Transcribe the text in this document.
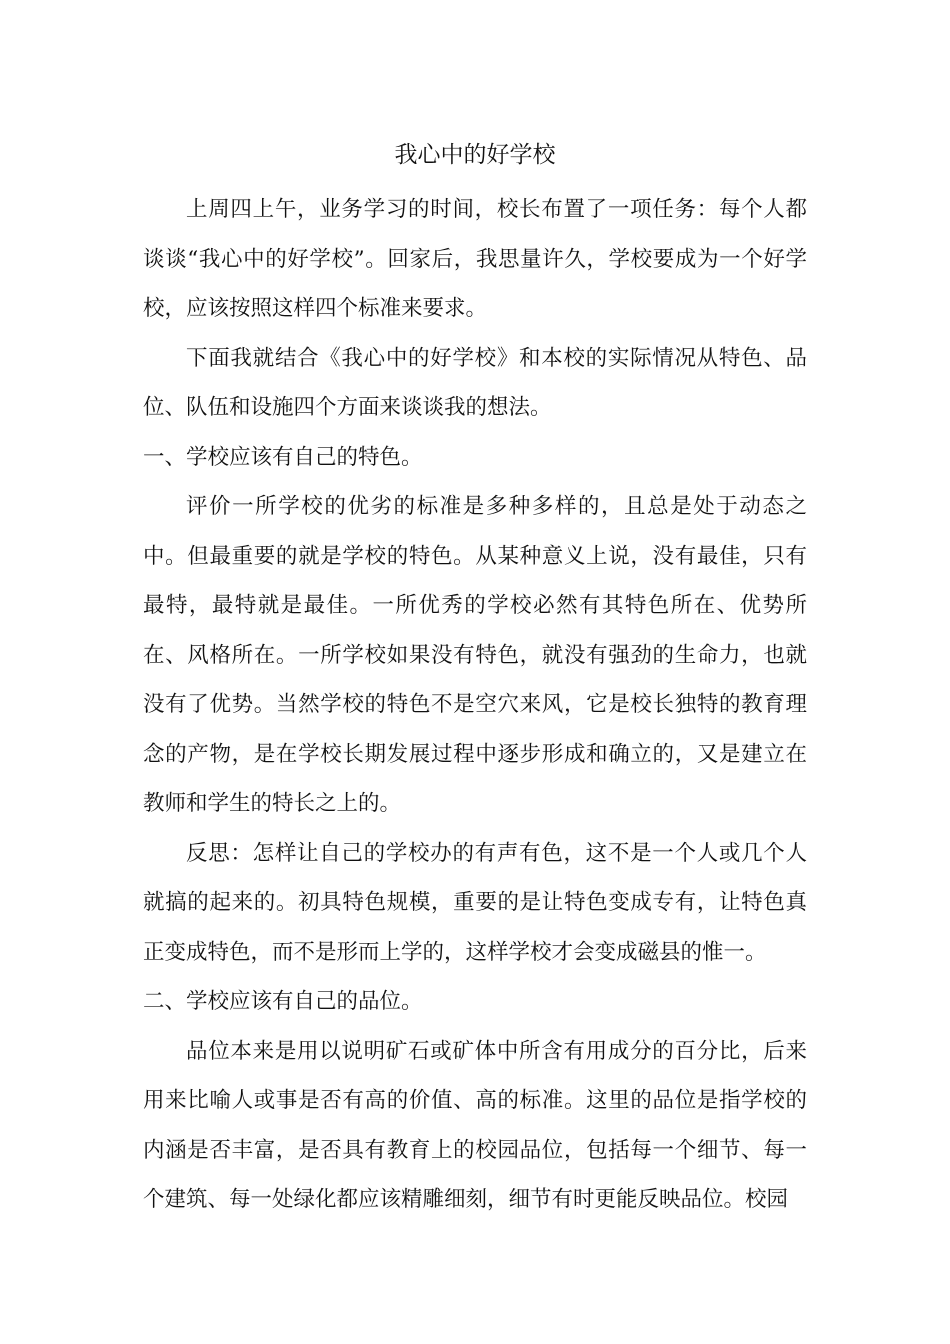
我心中的好学校

上周四上午，业务学习的时间，校长布置了一项任务：每个人都谈谈“我心中的好学校”。回家后，我思量许久，学校要成为一个好学校，应该按照这样四个标准来要求。

下面我就结合《我心中的好学校》和本校的实际情况从特色、品位、队伍和设施四个方面来谈谈我的想法。

一、学校应该有自己的特色。

评价一所学校的优劣的标准是多种多样的，且总是处于动态之中。但最重要的就是学校的特色。从某种意义上说，没有最佳，只有最特，最特就是最佳。一所优秀的学校必然有其特色所在、优势所在、风格所在。一所学校如果没有特色，就没有强劲的生命力，也就没有了优势。当然学校的特色不是空穴来风，它是校长独特的教育理念的产物，是在学校长期发展过程中逐步形成和确立的，又是建立在教师和学生的特长之上的。

反思：怎样让自己的学校办的有声有色，这不是一个人或几个人就搞的起来的。初具特色规模，重要的是让特色变成专有，让特色真正变成特色，而不是形而上学的，这样学校才会变成磁县的惟一。

二、学校应该有自己的品位。

品位本来是用以说明矿石或矿体中所含有用成分的百分比，后来用来比喻人或事是否有高的价值、高的标准。这里的品位是指学校的内涵是否丰富，是否具有教育上的校园品位，包括每一个细节、每一个建筑、每一处绿化都应该精雕细刻，细节有时更能反映品位。校园
